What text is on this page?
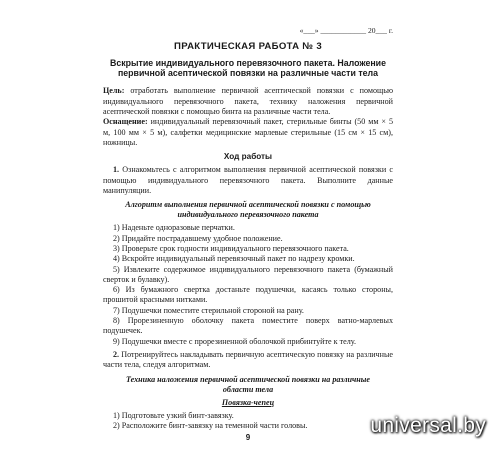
«___» ____________ 20___ г.
ПРАКТИЧЕСКАЯ РАБОТА № 3
Вскрытие индивидуального перевязочного пакета. Наложение первичной асептической повязки на различные части тела

Цель: отработать выполнение первичной асептической повязки с помощью индивидуального перевязочного пакета, технику наложения первичной асептической повязки с помощью бинта на различные части тела.

Оснащение: индивидуальный перевязочный пакет, стерильные бинты (50 мм × 5 м, 100 мм × 5 м), салфетки медицинские марлевые стерильные (15 см × 15 см), ножницы.

Ход работы

1. Ознакомьтесь с алгоритмом выполнения первичной асептической повязки с помощью индивидуального перевязочного пакета. Выполните данные манипуляции.

Алгоритм выполнения первичной асептической повязки с помощью индивидуального перевязочного пакета

1) Наденьте одноразовые перчатки.

2) Придайте пострадавшему удобное положение.

3) Проверьте срок годности индивидуального перевязочного пакета.

4) Вскройте индивидуальный перевязочный пакет по надрезу кромки.

5) Извлеките содержимое индивидуального перевязочного пакета (бумажный сверток и булавку).

6) Из бумажного свертка достаньте подушечки, касаясь только стороны, прошитой красными нитками.

7) Подушечки поместите стерильной стороной на рану.

8) Прорезиненную оболочку пакета поместите поверх ватно-марлевых подушечек.

9) Подушечки вместе с прорезиненной оболочкой прибинтуйте к телу.

2. Потренируйтесь накладывать первичную асептическую повязку на различные части тела, следуя алгоритмам.

Техника наложения первичной асептической повязки на различные области тела
Повязка-чепец

1) Подготовьте узкий бинт-завязку.

2) Расположите бинт-завязку на теменной части головы.

9
universal.by
